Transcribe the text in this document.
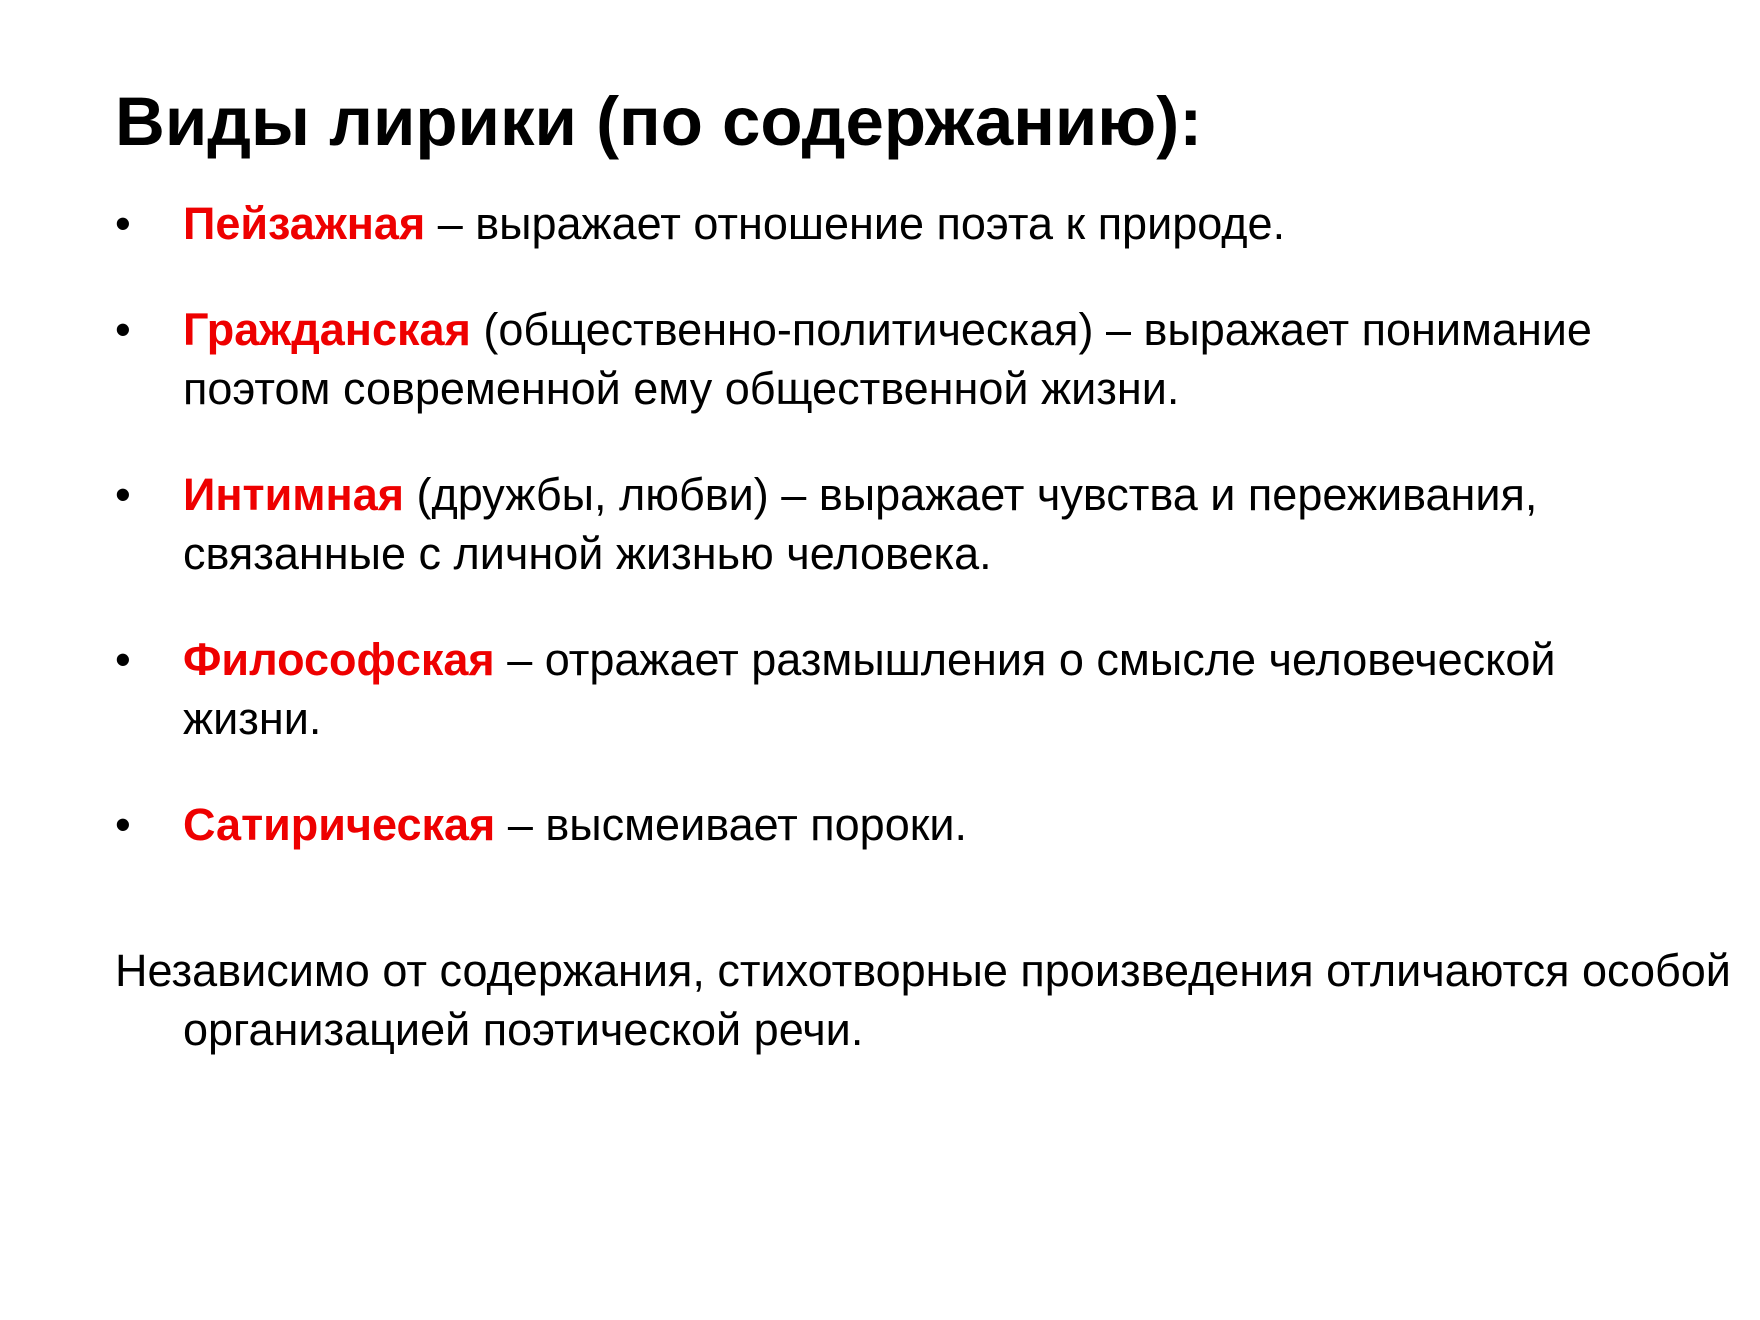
Виды лирики (по содержанию):
•	Пейзажная – выражает отношение поэта к природе.
•	Гражданская (общественно-политическая) – выражает понимание поэтом современной ему общественной жизни.
•	Интимная (дружбы, любви) – выражает чувства и переживания, связанные с личной жизнью человека.
•	Философская – отражает размышления о смысле человеческой жизни.
•	Сатирическая – высмеивает пороки.

Независимо от содержания, стихотворные произведения отличаются особой организацией поэтической речи.
